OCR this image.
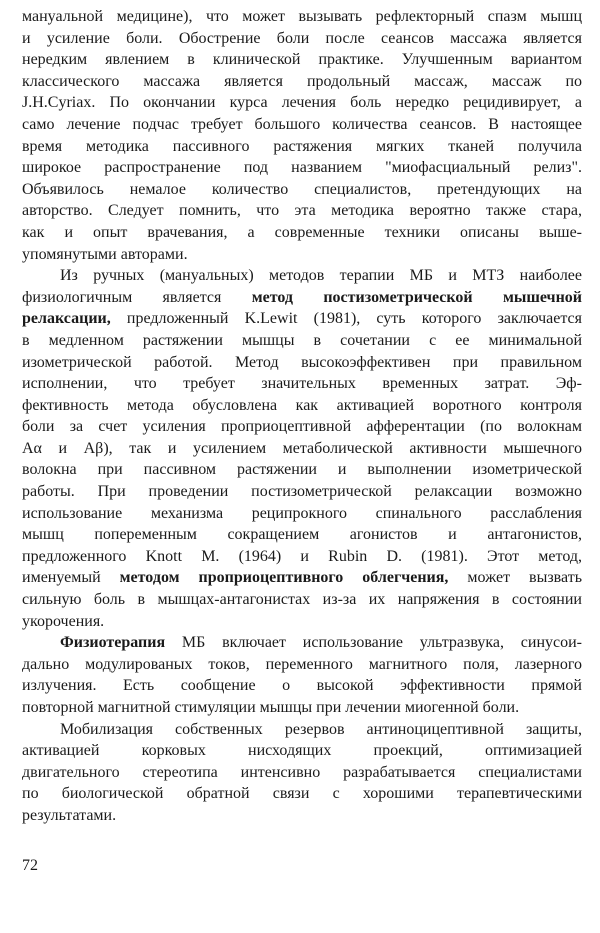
мануальной медицине), что может вызывать рефлекторный спазм мышц
и усиление боли. Обострение боли после сеансов массажа является
нередким явлением в клинической практике. Улучшенным вариантом
классического массажа является продольный массаж, массаж по
J.H.Cyriax. По окончании курса лечения боль нередко рецидивирует, а
само лечение подчас требует большого количества сеансов. В настоящее
время методика пассивного растяжения мягких тканей получила
широкое распространение под названием "миофасциальный релиз".
Объявилось немалое количество специалистов, претендующих на
авторство. Следует помнить, что эта методика вероятно также стара,
как и опыт врачевания, а современные техники описаны выше-
упомянутыми авторами.
Из ручных (мануальных) методов терапии МБ и МТЗ наиболее
физиологичным является метод постизометрической мышечной
релаксации, предложенный K.Lewit (1981), суть которого заключается
в медленном растяжении мышцы в сочетании с ее минимальной
изометрической работой. Метод высокоэффективен при правильном
исполнении, что требует значительных временных затрат. Эф-
фективность метода обусловлена как активацией воротного контроля
боли за счет усиления проприоцептивной афферентации (по волокнам
Aα и Aβ), так и усилением метаболической активности мышечного
волокна при пассивном растяжении и выполнении изометрической
работы. При проведении постизометрической релаксации возможно
использование механизма реципрокного спинального расслабления
мышц попеременным сокращением агонистов и антагонистов,
предложенного Knott M. (1964) и Rubin D. (1981). Этот метод,
именуемый методом проприоцептивного облегчения, может вызвать
сильную боль в мышцах-антагонистах из-за их напряжения в состоянии
укорочения.
Физиотерапия МБ включает использование ультразвука, синусои-
дально модулированых токов, переменного магнитного поля, лазерного
излучения. Есть сообщение о высокой эффективности прямой
повторной магнитной стимуляции мышцы при лечении миогенной боли.
Мобилизация собственных резервов антиноцицептивной защиты,
активацией корковых нисходящих проекций, оптимизацией
двигательного стереотипа интенсивно разрабатывается специалистами
по биологической обратной связи с хорошими терапевтическими
результатами.
72
